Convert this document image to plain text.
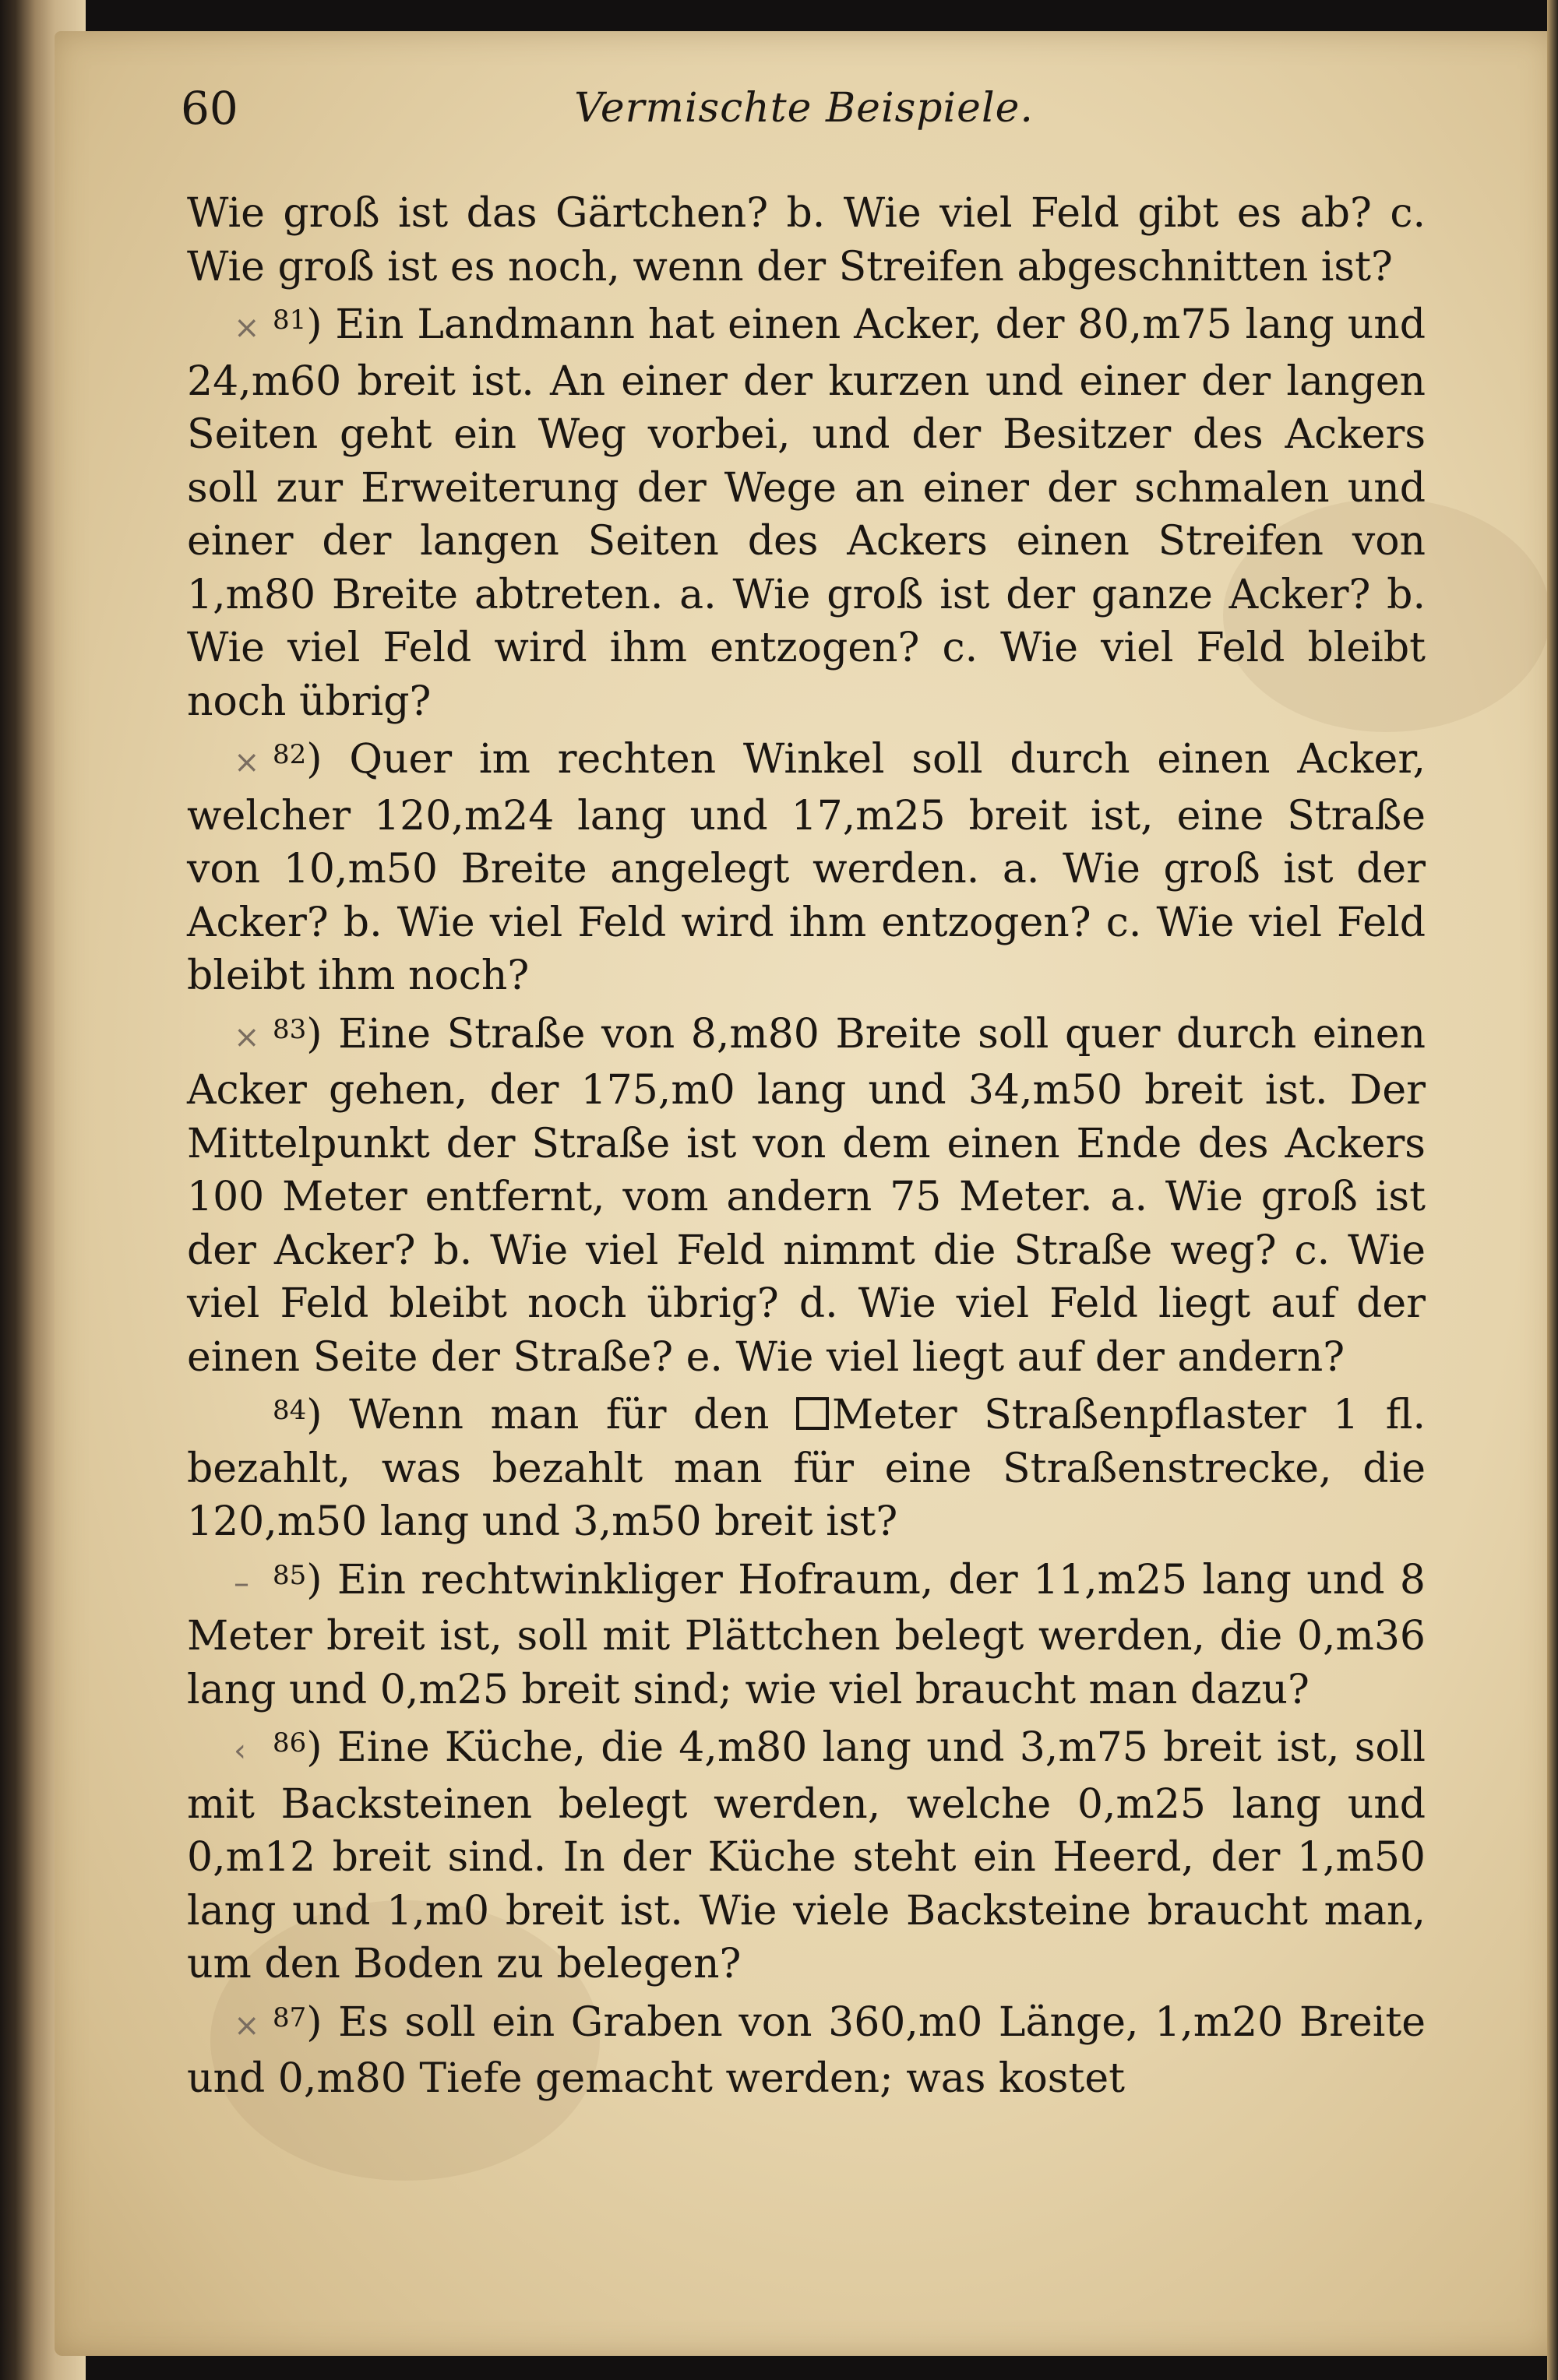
60	Vermischte Beispiele.

Wie groß ist das Gärtchen? b. Wie viel Feld gibt es ab? c. Wie groß ist es noch, wenn der Streifen abgeschnitten ist?

× $^{81}$) Ein Landmann hat einen Acker, der 80,m75 lang und 24,m60 breit ist. An einer der kurzen und einer der langen Seiten geht ein Weg vorbei, und der Besitzer des Ackers soll zur Erweiterung der Wege an einer der schmalen und einer der langen Seiten des Ackers einen Streifen von 1,m80 Breite abtreten. a. Wie groß ist der ganze Acker? b. Wie viel Feld wird ihm entzogen? c. Wie viel Feld bleibt noch übrig?

× $^{82}$) Quer im rechten Winkel soll durch einen Acker, welcher 120,m24 lang und 17,m25 breit ist, eine Straße von 10,m50 Breite angelegt werden. a. Wie groß ist der Acker? b. Wie viel Feld wird ihm entzogen? c. Wie viel Feld bleibt ihm noch?

× $^{83}$) Eine Straße von 8,m80 Breite soll quer durch einen Acker gehen, der 175,m0 lang und 34,m50 breit ist. Der Mittelpunkt der Straße ist von dem einen Ende des Ackers 100 Meter entfernt, vom andern 75 Meter. a. Wie groß ist der Acker? b. Wie viel Feld nimmt die Straße weg? c. Wie viel Feld bleibt noch übrig? d. Wie viel Feld liegt auf der einen Seite der Straße? e. Wie viel liegt auf der andern?

$^{84}$) Wenn man für den Meter Straßenpflaster 1 fl. bezahlt, was bezahlt man für eine Straßenstrecke, die 120,m50 lang und 3,m50 breit ist?

– $^{85}$) Ein rechtwinkliger Hofraum, der 11,m25 lang und 8 Meter breit ist, soll mit Plättchen belegt werden, die 0,m36 lang und 0,m25 breit sind; wie viel braucht man dazu?

‹ $^{86}$) Eine Küche, die 4,m80 lang und 3,m75 breit ist, soll mit Backsteinen belegt werden, welche 0,m25 lang und 0,m12 breit sind. In der Küche steht ein Heerd, der 1,m50 lang und 1,m0 breit ist. Wie viele Backsteine braucht man, um den Boden zu belegen?

× $^{87}$) Es soll ein Graben von 360,m0 Länge, 1,m20 Breite und 0,m80 Tiefe gemacht werden; was kostet
